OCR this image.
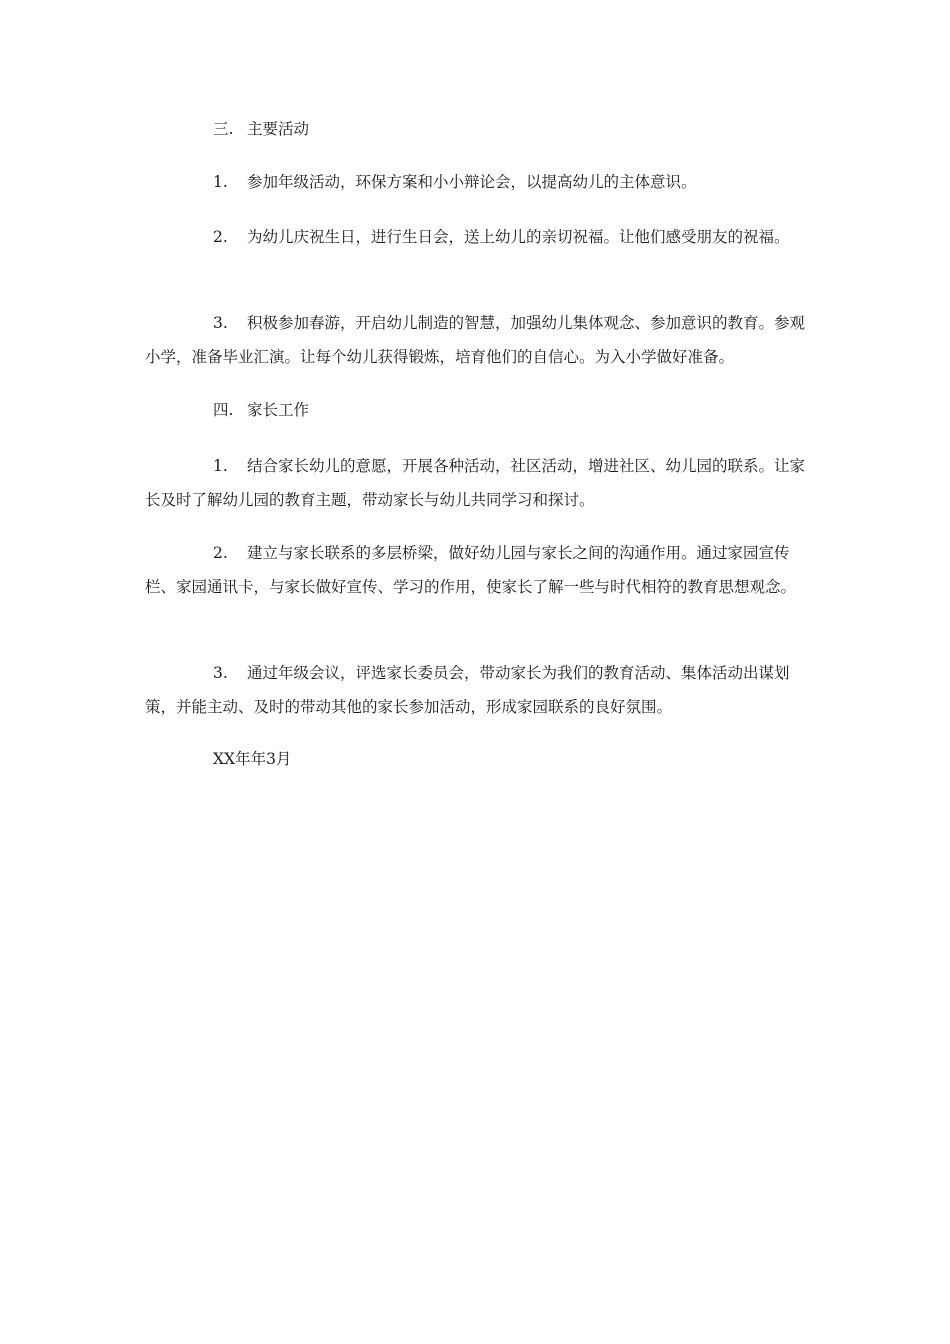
三. 主要活动

1. 参加年级活动，环保方案和小小辩论会，以提高幼儿的主体意识。

2. 为幼儿庆祝生日，进行生日会，送上幼儿的亲切祝福。让他们感受朋友的祝福。

3. 积极参加春游，开启幼儿制造的智慧，加强幼儿集体观念、参加意识的教育。参观小学，准备毕业汇演。让每个幼儿获得锻炼，培育他们的自信心。为入小学做好准备。

四. 家长工作

1. 结合家长幼儿的意愿，开展各种活动，社区活动，增进社区、幼儿园的联系。让家长及时了解幼儿园的教育主题，带动家长与幼儿共同学习和探讨。

2. 建立与家长联系的多层桥梁，做好幼儿园与家长之间的沟通作用。通过家园宣传栏、家园通讯卡，与家长做好宣传、学习的作用，使家长了解一些与时代相符的教育思想观念。

3. 通过年级会议，评选家长委员会，带动家长为我们的教育活动、集体活动出谋划策，并能主动、及时的带动其他的家长参加活动，形成家园联系的良好氛围。

XX年年3月
